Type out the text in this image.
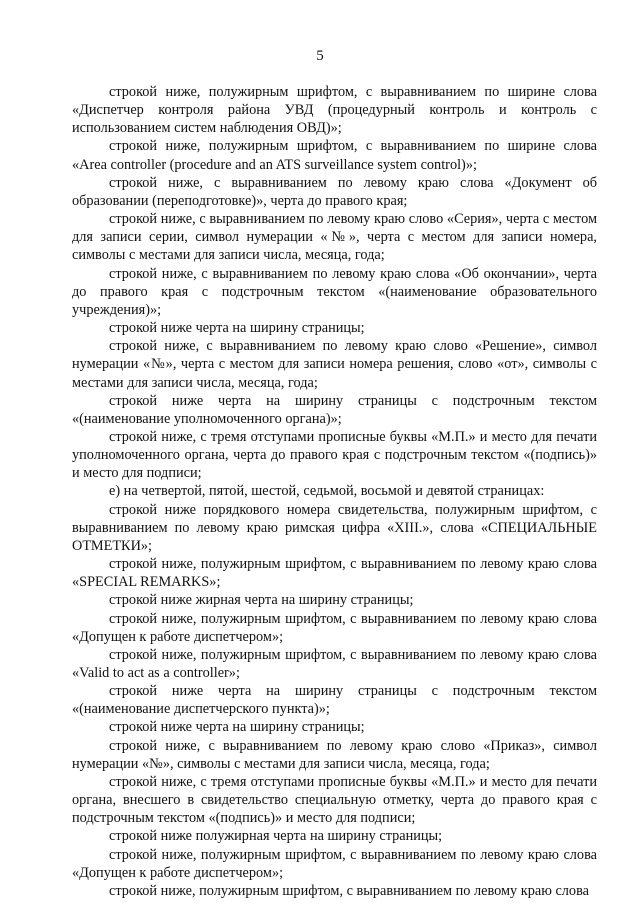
5

строкой ниже, полужирным шрифтом, с выравниванием по ширине слова «Диспетчер контроля района УВД (процедурный контроль и контроль с использованием систем наблюдения ОВД)»;

строкой ниже, полужирным шрифтом, с выравниванием по ширине слова «Area controller (procedure and an ATS surveillance system control)»;

строкой ниже, с выравниванием по левому краю слова «Документ об образовании (переподготовке)», черта до правого края;

строкой ниже, с выравниванием по левому краю слово «Серия», черта с местом для записи серии, символ нумерации «№», черта с местом для записи номера, символы с местами для записи числа, месяца, года;

строкой ниже, с выравниванием по левому краю слова «Об окончании», черта до правого края с подстрочным текстом «(наименование образовательного учреждения)»;

строкой ниже черта на ширину страницы;

строкой ниже, с выравниванием по левому краю слово «Решение», символ нумерации «№», черта с местом для записи номера решения, слово «от», символы с местами для записи числа, месяца, года;

строкой ниже черта на ширину страницы с подстрочным текстом «(наименование уполномоченного органа)»;

строкой ниже, с тремя отступами прописные буквы «М.П.» и место для печати уполномоченного органа, черта до правого края с подстрочным текстом «(подпись)» и место для подписи;

е) на четвертой, пятой, шестой, седьмой, восьмой и девятой страницах:

строкой ниже порядкового номера свидетельства, полужирным шрифтом, с выравниванием по левому краю римская цифра «XIII.», слова «СПЕЦИАЛЬНЫЕ ОТМЕТКИ»;

строкой ниже, полужирным шрифтом, с выравниванием по левому краю слова «SPECIAL REMARKS»;

строкой ниже жирная черта на ширину страницы;

строкой ниже, полужирным шрифтом, с выравниванием по левому краю слова «Допущен к работе диспетчером»;

строкой ниже, полужирным шрифтом, с выравниванием по левому краю слова «Valid to act as a controller»;

строкой ниже черта на ширину страницы с подстрочным текстом «(наименование диспетчерского пункта)»;

строкой ниже черта на ширину страницы;

строкой ниже, с выравниванием по левому краю слово «Приказ», символ нумерации «№», символы с местами для записи числа, месяца, года;

строкой ниже, с тремя отступами прописные буквы «М.П.» и место для печати органа, внесшего в свидетельство специальную отметку, черта до правого края с подстрочным текстом «(подпись)» и место для подписи;

строкой ниже полужирная черта на ширину страницы;

строкой ниже, полужирным шрифтом, с выравниванием по левому краю слова «Допущен к работе диспетчером»;

строкой ниже, полужирным шрифтом, с выравниванием по левому краю слова
